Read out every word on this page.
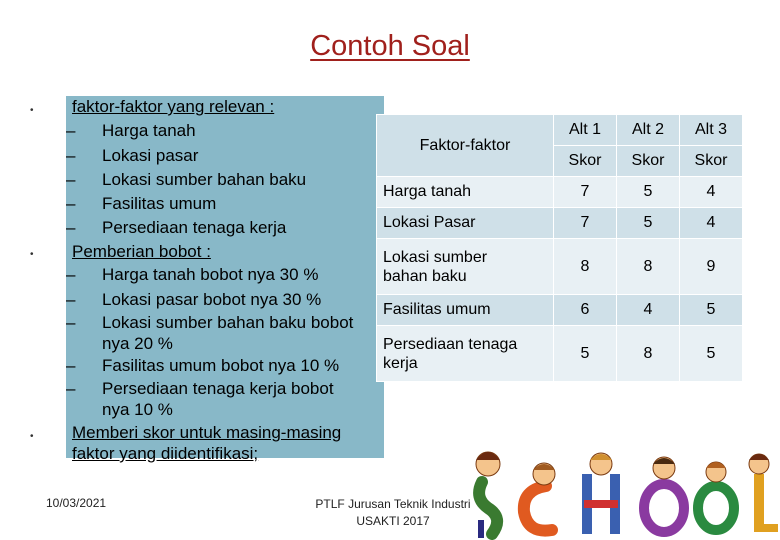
Contoh Soal
• faktor-faktor yang relevan :
– Harga tanah
– Lokasi pasar
– Lokasi sumber bahan baku
– Fasilitas umum
– Persediaan tenaga kerja
• Pemberian bobot :
– Harga tanah bobot nya 30 %
– Lokasi pasar bobot nya 30 %
– Lokasi sumber bahan baku bobot
nya 20 %
– Fasilitas umum bobot nya 10 %
– Persediaan tenaga kerja bobot
nya 10 %
• Memberi skor untuk masing-masing
faktor yang diidentifikasi;
Faktor-faktor	Alt 1	Alt 2	Alt 3
	Skor	Skor	Skor
Harga tanah	7	5	4
Lokasi Pasar	7	5	4
Lokasi sumber
bahan baku	8	8	9
Fasilitas umum	6	4	5
Persediaan tenaga
kerja	5	8	5
10/03/2021	PTLF Jurusan Teknik Industri
USAKTI 2017
